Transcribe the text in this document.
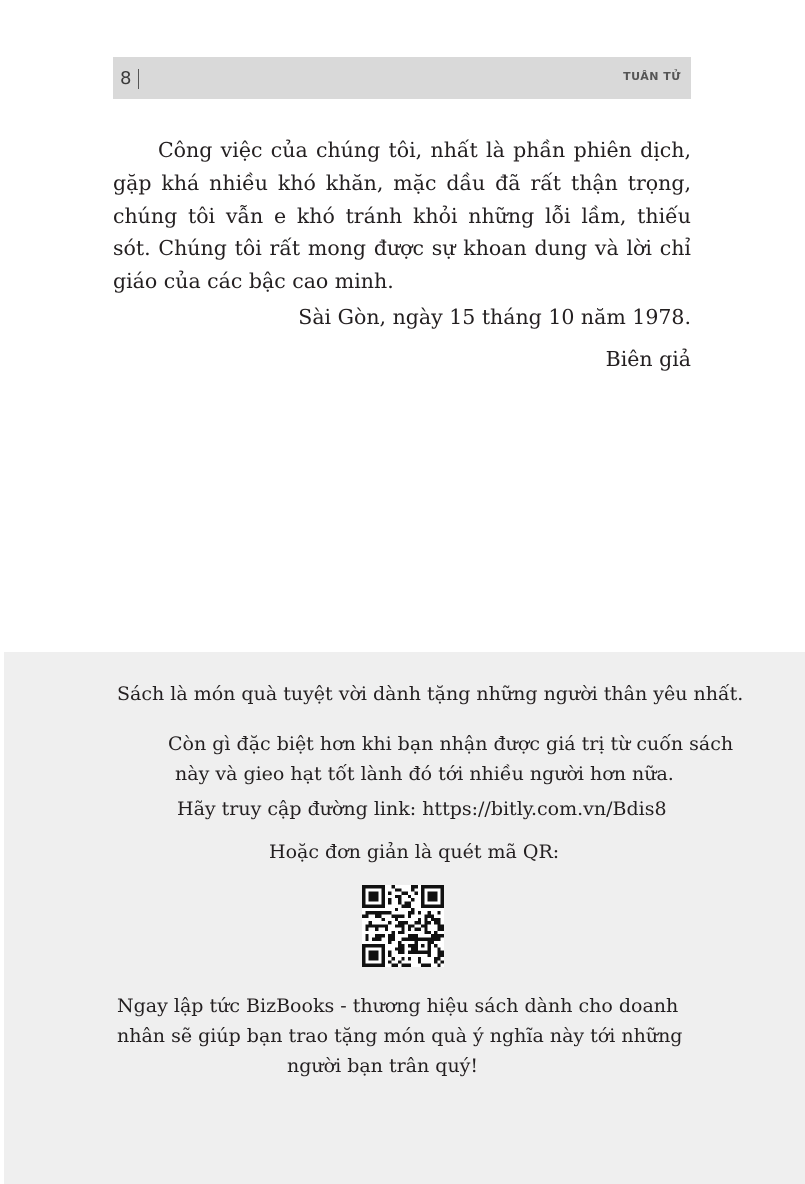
8	TUÂN TỬ

Công việc của chúng tôi, nhất là phần phiên dịch, gặp khá nhiều khó khăn, mặc dầu đã rất thận trọng, chúng tôi vẫn e khó tránh khỏi những lỗi lầm, thiếu sót. Chúng tôi rất mong được sự khoan dung và lời chỉ giáo của các bậc cao minh.

Sài Gòn, ngày 15 tháng 10 năm 1978.

Biên giả

Sách là món quà tuyệt vời dành tặng những người thân yêu nhất.

Còn gì đặc biệt hơn khi bạn nhận được giá trị từ cuốn sách

này và gieo hạt tốt lành đó tới nhiều người hơn nữa.

Hãy truy cập đường link: https://bitly.com.vn/Bdis8

Hoặc đơn giản là quét mã QR:

Ngay lập tức BizBooks - thương hiệu sách dành cho doanh

nhân sẽ giúp bạn trao tặng món quà ý nghĩa này tới những

người bạn trân quý!
